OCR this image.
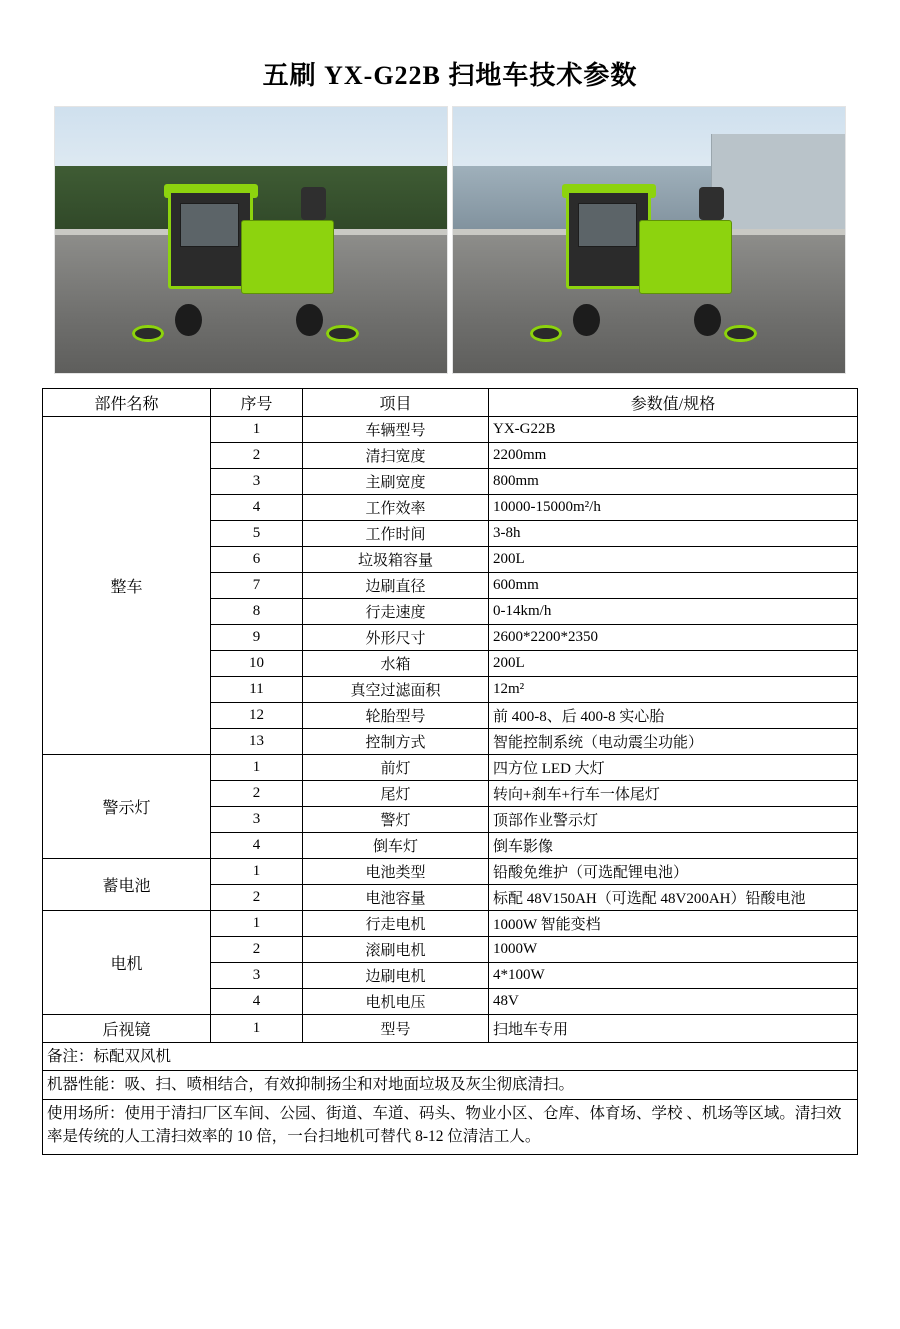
五刷 YX-G22B 扫地车技术参数
部件名称	序号	项目	参数值/规格
整车	1	车辆型号	YX-G22B
	2	清扫宽度	2200mm
	3	主刷宽度	800mm
	4	工作效率	10000-15000m²/h
	5	工作时间	3-8h
	6	垃圾箱容量	200L
	7	边刷直径	600mm
	8	行走速度	0-14km/h
	9	外形尺寸	2600*2200*2350
	10	水箱	200L
	11	真空过滤面积	12m²
	12	轮胎型号	前 400-8、后 400-8 实心胎
	13	控制方式	智能控制系统（电动震尘功能）
警示灯	1	前灯	四方位 LED 大灯
	2	尾灯	转向+刹车+行车一体尾灯
	3	警灯	顶部作业警示灯
	4	倒车灯	倒车影像
蓄电池	1	电池类型	铅酸免维护（可选配锂电池）
	2	电池容量	标配 48V150AH（可选配 48V200AH）铅酸电池
电机	1	行走电机	1000W 智能变档
	2	滚刷电机	1000W
	3	边刷电机	4*100W
	4	电机电压	48V
后视镜	1	型号	扫地车专用
备注：标配双风机			
机器性能：吸、扫、喷相结合，有效抑制扬尘和对地面垃圾及灰尘彻底清扫。			
使用场所：使用于清扫厂区车间、公园、街道、车道、码头、物业小区、仓库、体育场、学校 、机场等区域。清扫效率是传统的人工清扫效率的 10 倍，一台扫地机可替代 8-12 位清洁工人。			
